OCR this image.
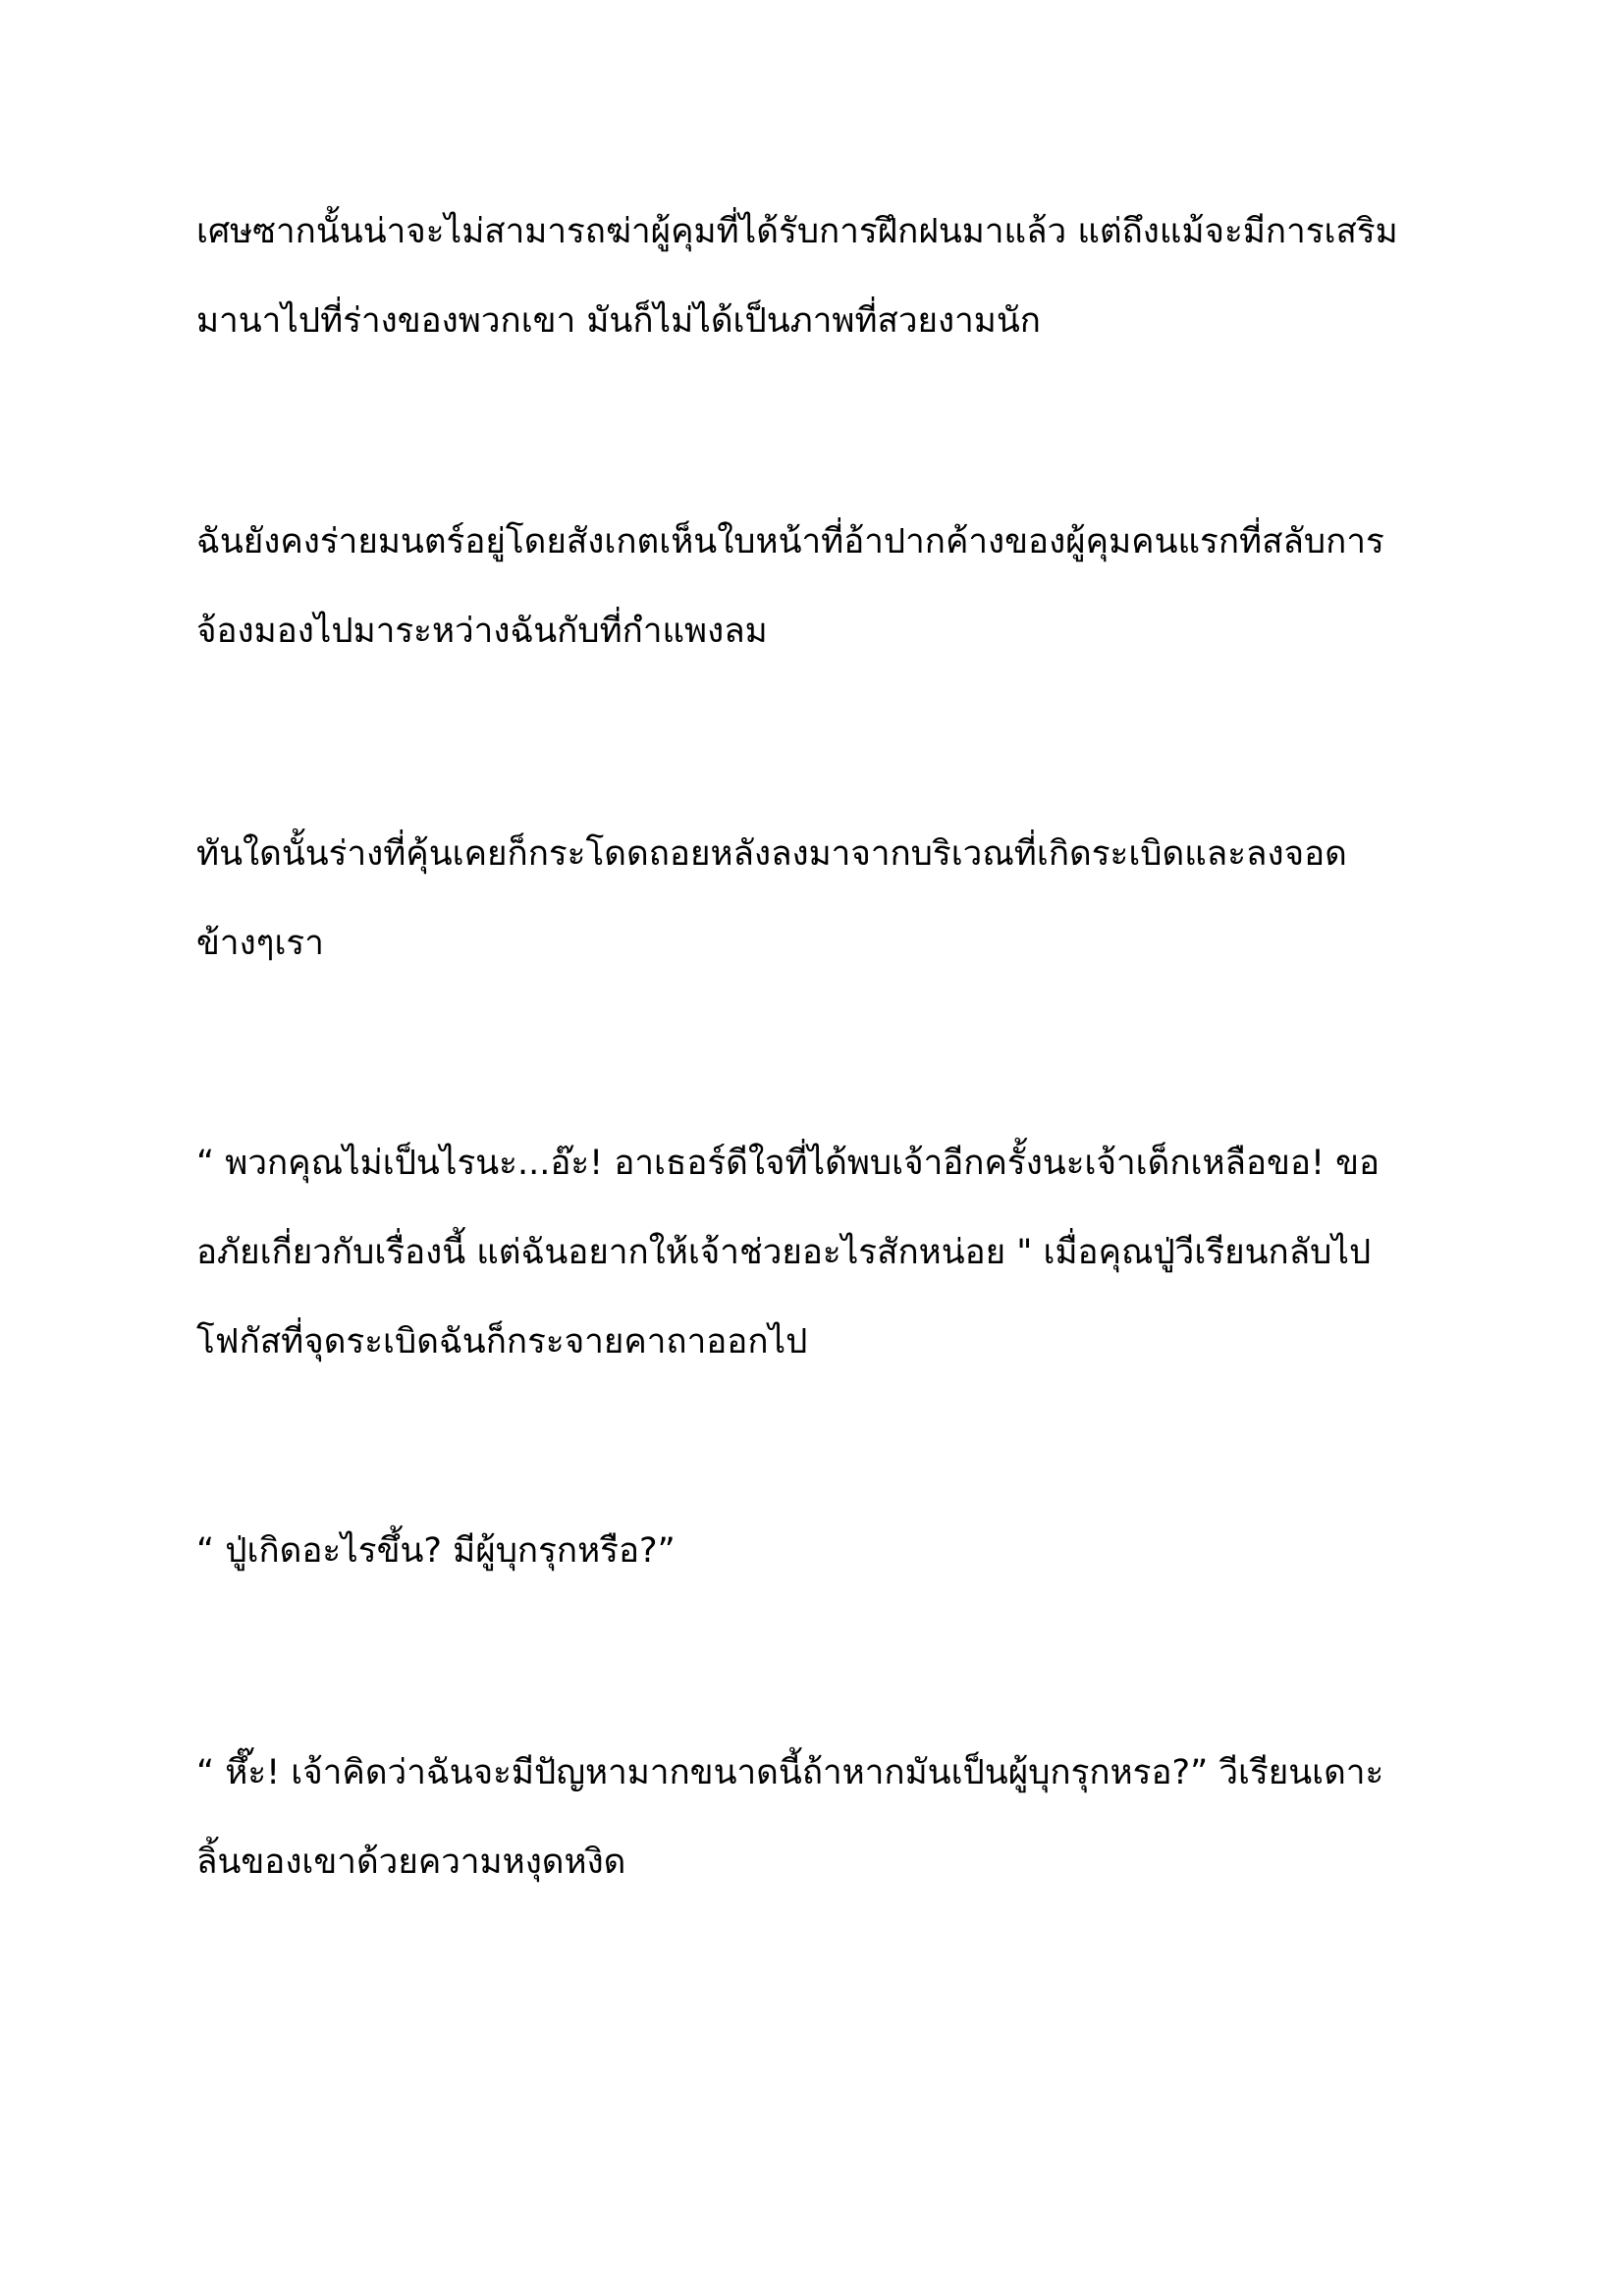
เศษซากนั้นน่าจะไม่สามารถฆ่าผู้คุมที่ได้รับการฝึกฝนมาแล้ว แต่ถึงแม้จะมีการเสริม
มานาไปที่ร่างของพวกเขา มันก็ไม่ได้เป็นภาพที่สวยงามนัก

ฉันยังคงร่ายมนตร์อยู่โดยสังเกตเห็นใบหน้าที่อ้าปากค้างของผู้คุมคนแรกที่สลับการ
จ้องมองไปมาระหว่างฉันกับที่กำแพงลม

ทันใดนั้นร่างที่คุ้นเคยก็กระโดดถอยหลังลงมาจากบริเวณที่เกิดระเบิดและลงจอด
ข้างๆเรา

“ พวกคุณไม่เป็นไรนะ...อ๊ะ! อาเธอร์ดีใจที่ได้พบเจ้าอีกครั้งนะเจ้าเด็กเหลือขอ! ขอ
อภัยเกี่ยวกับเรื่องนี้ แต่ฉันอยากให้เจ้าช่วยอะไรสักหน่อย " เมื่อคุณปู่วีเรียนกลับไป
โฟกัสที่จุดระเบิดฉันก็กระจายคาถาออกไป

“ ปู่เกิดอะไรขึ้น? มีผู้บุกรุกหรือ?”

“ หึ๊ะ! เจ้าคิดว่าฉันจะมีปัญหามากขนาดนี้ถ้าหากมันเป็นผู้บุกรุกหรอ?” วีเรียนเดาะ
ลิ้นของเขาด้วยความหงุดหงิด
